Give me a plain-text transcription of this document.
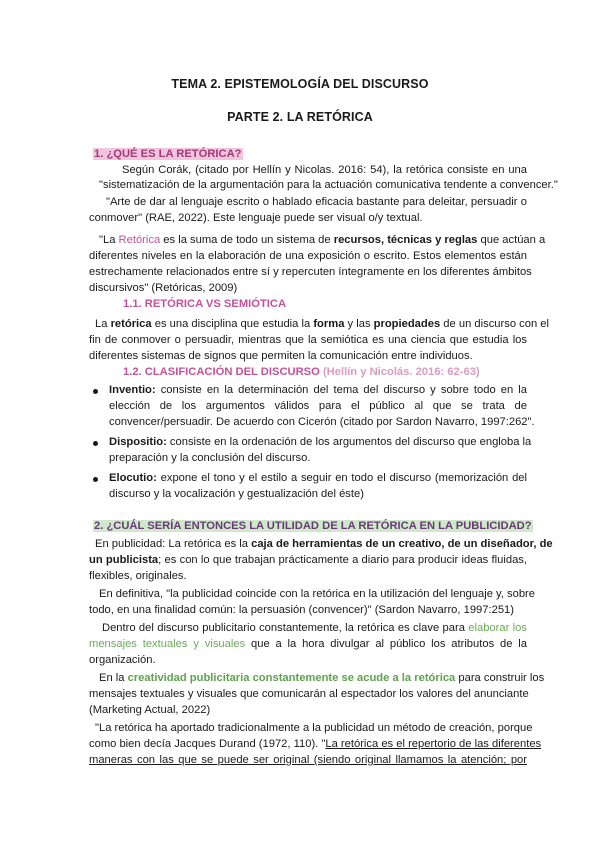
TEMA 2. EPISTEMOLOGÍA DEL DISCURSO
PARTE 2. LA RETÓRICA
1. ¿QUÉ ES LA RETÓRICA?
Según Corák, (citado por Hellín y Nicolas. 2016: 54), la retórica consiste en una
"sistematización de la argumentación para la actuación comunicativa tendente a convencer."
"Arte de dar al lenguaje escrito o hablado eficacia bastante para deleitar, persuadir o
conmover" (RAE, 2022). Este lenguaje puede ser visual o/y textual.
"La Retórica es la suma de todo un sistema de recursos, técnicas y reglas que actúan a
diferentes niveles en la elaboración de una exposición o escrito. Estos elementos están
estrechamente relacionados entre sí y repercuten íntegramente en los diferentes ámbitos
discursivos" (Retóricas, 2009)
1.1. RETÓRICA VS SEMIÓTICA
La retórica es una disciplina que estudia la forma y las propiedades de un discurso con el
fin de conmover o persuadir, mientras que la semiótica es una ciencia que estudia los
diferentes sistemas de signos que permiten la comunicación entre individuos.
1.2. CLASIFICACIÓN DEL DISCURSO (Hellín y Nicolás. 2016: 62-63)
Inventio: consiste en la determinación del tema del discurso y sobre todo en la
elección de los argumentos válidos para el público al que se trata de
convencer/persuadir. De acuerdo con Cicerón (citado por Sardon Navarro, 1997:262".
Dispositio: consiste en la ordenación de los argumentos del discurso que engloba la
preparación y la conclusión del discurso.
Elocutio: expone el tono y el estilo a seguir en todo el discurso (memorización del
discurso y la vocalización y gestualización del éste)
2. ¿CUÁL SERÍA ENTONCES LA UTILIDAD DE LA RETÓRICA EN LA PUBLICIDAD?
En publicidad: La retórica es la caja de herramientas de un creativo, de un diseñador, de
un publicista; es con lo que trabajan prácticamente a diario para producir ideas fluidas,
flexibles, originales.
En definitiva, "la publicidad coincide con la retórica en la utilización del lenguaje y, sobre
todo, en una finalidad común: la persuasión (convencer)" (Sardon Navarro, 1997:251)
Dentro del discurso publicitario constantemente, la retórica es clave para elaborar los
mensajes textuales y visuales que a la hora divulgar al público los atributos de la
organización.
En la creatividad publicitaria constantemente se acude a la retórica para construir los
mensajes textuales y visuales que comunicarán al espectador los valores del anunciante
(Marketing Actual, 2022)
"La retórica ha aportado tradicionalmente a la publicidad un método de creación, porque
como bien decía Jacques Durand (1972, 110). "La retórica es el repertorio de las diferentes
maneras con las que se puede ser original (siendo original llamamos la atención; por
